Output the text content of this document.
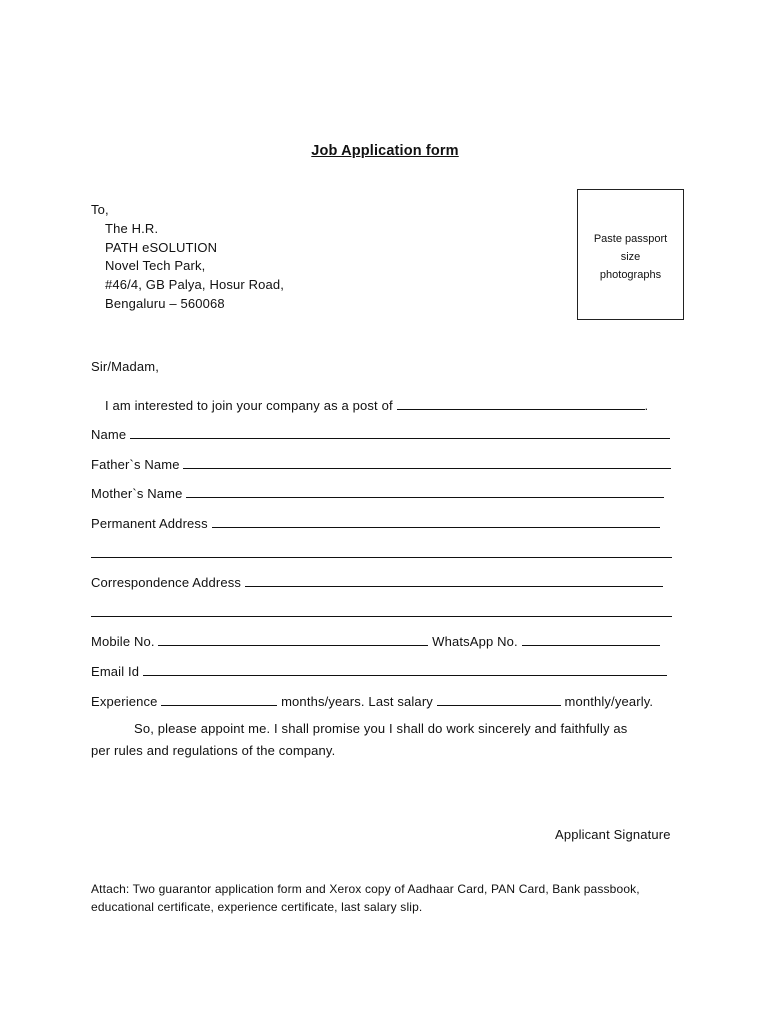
Job Application form
Paste passport
size
photographs
To,
The H.R.
PATH eSOLUTION
Novel Tech Park,
#46/4, GB Palya, Hosur Road,
Bengaluru – 560068
Sir/Madam,
I am interested to join your company as a post of	.
Name
Father`s Name
Mother`s Name
Permanent Address
Correspondence Address
Mobile No.	WhatsApp No.
Email Id
Experience	months/years. Last salary	monthly/yearly.
So, please appoint me. I shall promise you I shall do work sincerely and faithfully as
per rules and regulations of the company.
Applicant Signature
Attach: Two guarantor application form and Xerox copy of Aadhaar Card, PAN Card, Bank passbook,
educational certificate, experience certificate, last salary slip.
